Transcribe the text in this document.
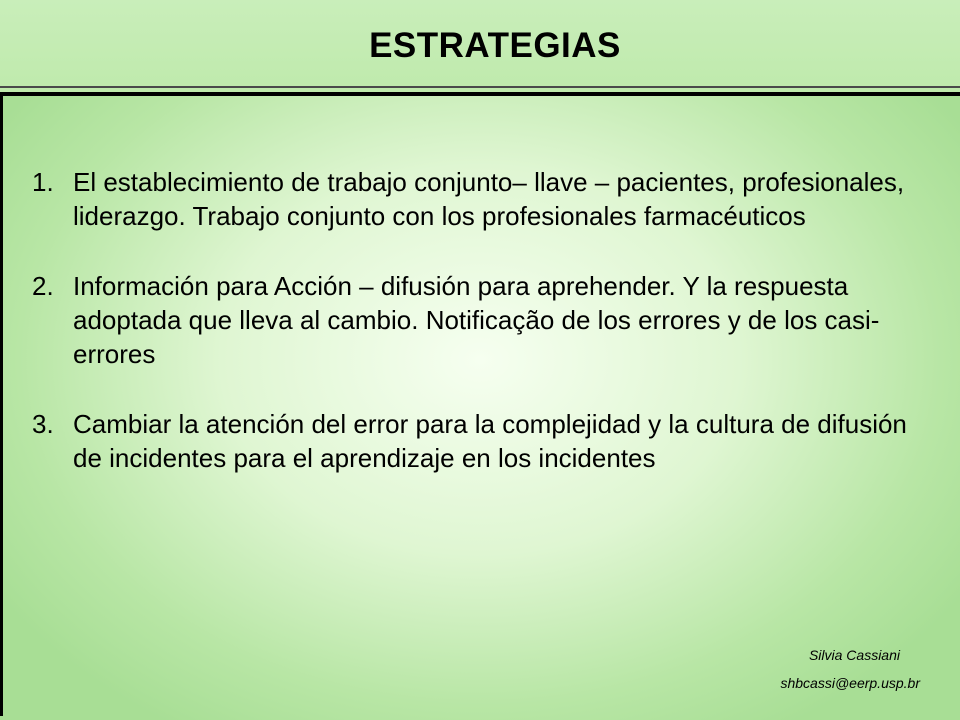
ESTRATEGIAS
1. El establecimiento de trabajo conjunto– llave – pacientes, profesionales, liderazgo. Trabajo conjunto con los profesionales farmacéuticos
2. Información para Acción – difusión para aprehender. Y la respuesta adoptada que lleva al cambio. Notificação de los errores y de los casi-errores
3. Cambiar la atención del error para la complejidad y la cultura de difusión de incidentes para el aprendizaje en los incidentes
Silvia Cassiani
shbcassi@eerp.usp.br
